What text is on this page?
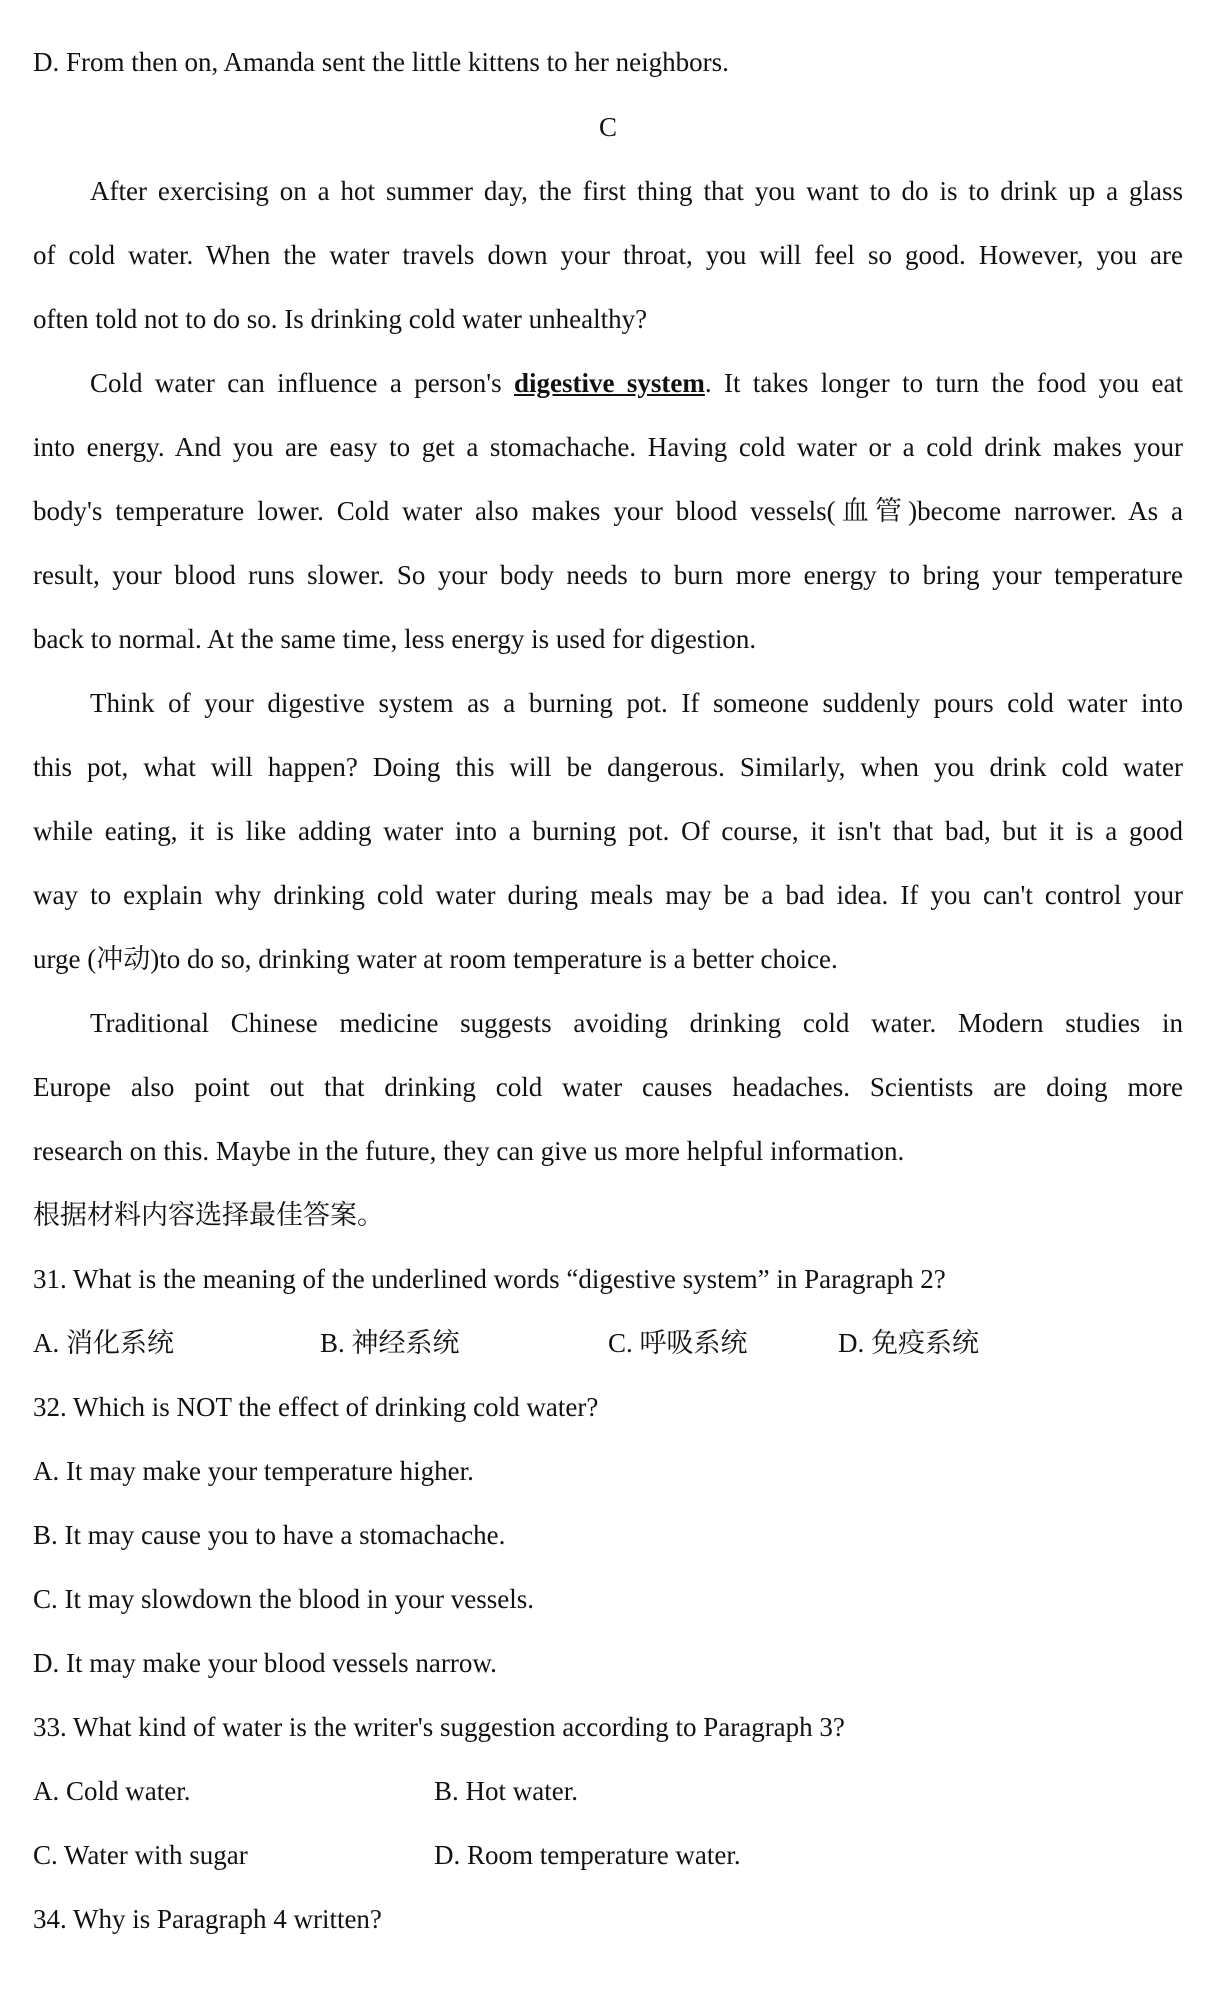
D. From then on, Amanda sent the little kittens to her neighbors.
C
After exercising on a hot summer day, the first thing that you want to do is to drink up a glass
of cold water. When the water travels down your throat, you will feel so good. However, you are
often told not to do so. Is drinking cold water unhealthy?
Cold water can influence a person's digestive system. It takes longer to turn the food you eat
into energy. And you are easy to get a stomachache. Having cold water or a cold drink makes your
body's temperature lower. Cold water also makes your blood vessels(血管)become narrower. As a
result, your blood runs slower. So your body needs to burn more energy to bring your temperature
back to normal. At the same time, less energy is used for digestion.
Think of your digestive system as a burning pot. If someone suddenly pours cold water into
this pot, what will happen? Doing this will be dangerous. Similarly, when you drink cold water
while eating, it is like adding water into a burning pot. Of course, it isn't that bad, but it is a good
way to explain why drinking cold water during meals may be a bad idea. If you can't control your
urge (冲动)to do so, drinking water at room temperature is a better choice.
Traditional Chinese medicine suggests avoiding drinking cold water. Modern studies in
Europe also point out that drinking cold water causes headaches. Scientists are doing more
research on this. Maybe in the future, they can give us more helpful information.
根据材料内容选择最佳答案。
31. What is the meaning of the underlined words “digestive system” in Paragraph 2?
A. 消化系统	B. 神经系统	C. 呼吸系统	D. 免疫系统
32. Which is NOT the effect of drinking cold water?
A. It may make your temperature higher.
B. It may cause you to have a stomachache.
C. It may slowdown the blood in your vessels.
D. It may make your blood vessels narrow.
33. What kind of water is the writer's suggestion according to Paragraph 3?
A. Cold water.	B. Hot water.
C. Water with sugar	D. Room temperature water.
34. Why is Paragraph 4 written?
